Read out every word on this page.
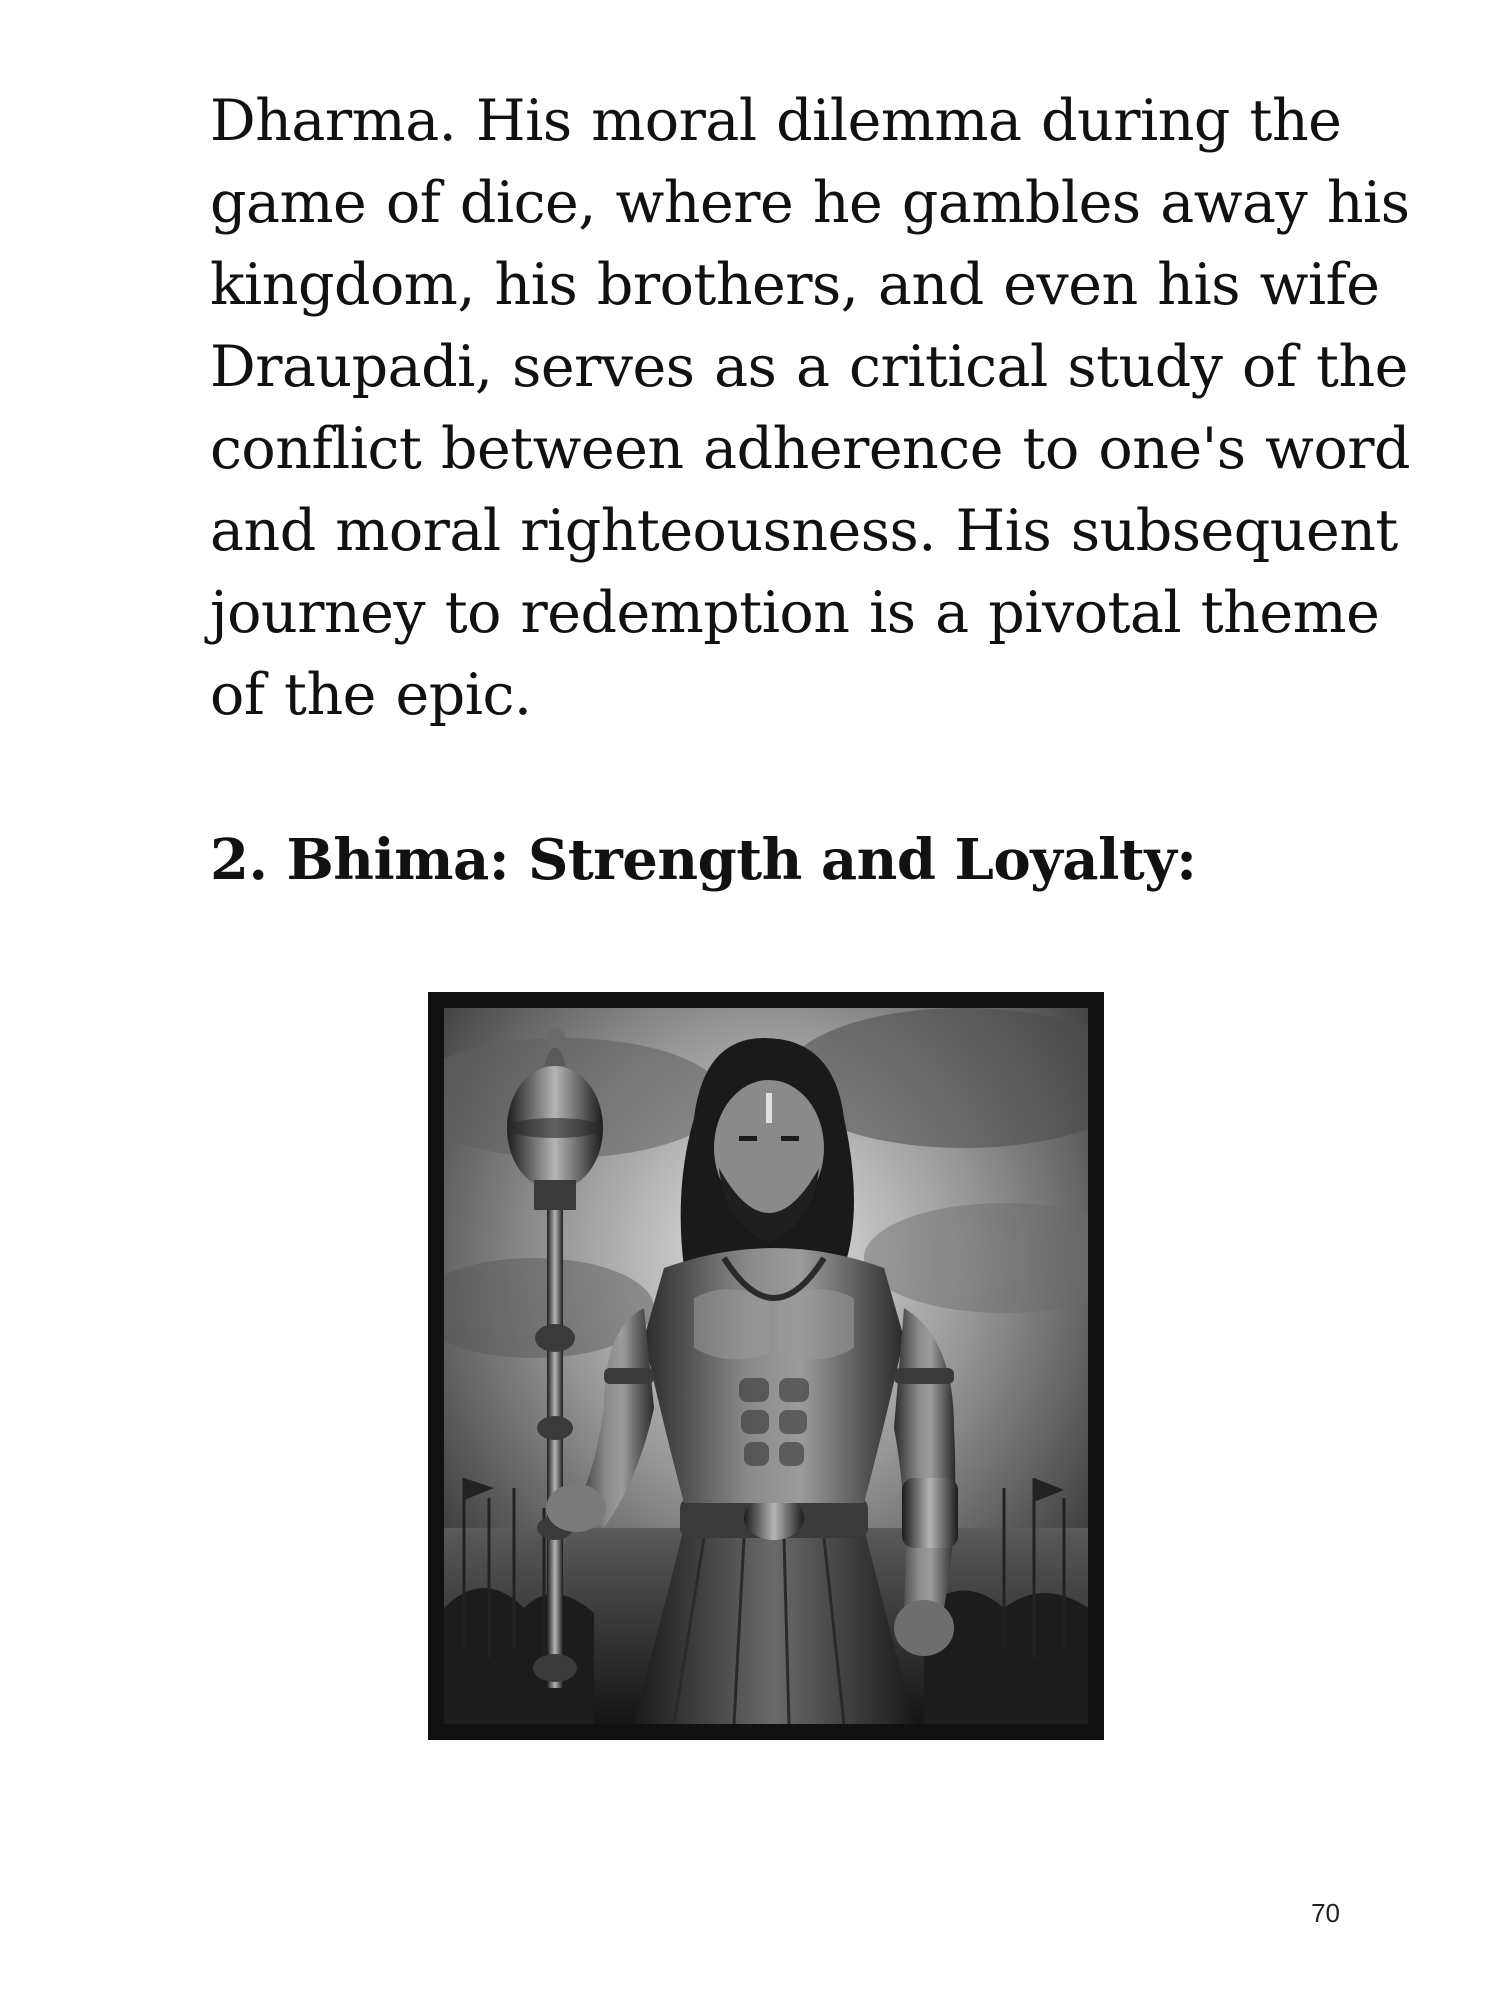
Dharma. His moral dilemma during the
game of dice, where he gambles away his
kingdom, his brothers, and even his wife
Draupadi, serves as a critical study of the
conflict between adherence to one's word
and moral righteousness. His subsequent
journey to redemption is a pivotal theme
of the epic.

2. Bhima: Strength and Loyalty:
70
